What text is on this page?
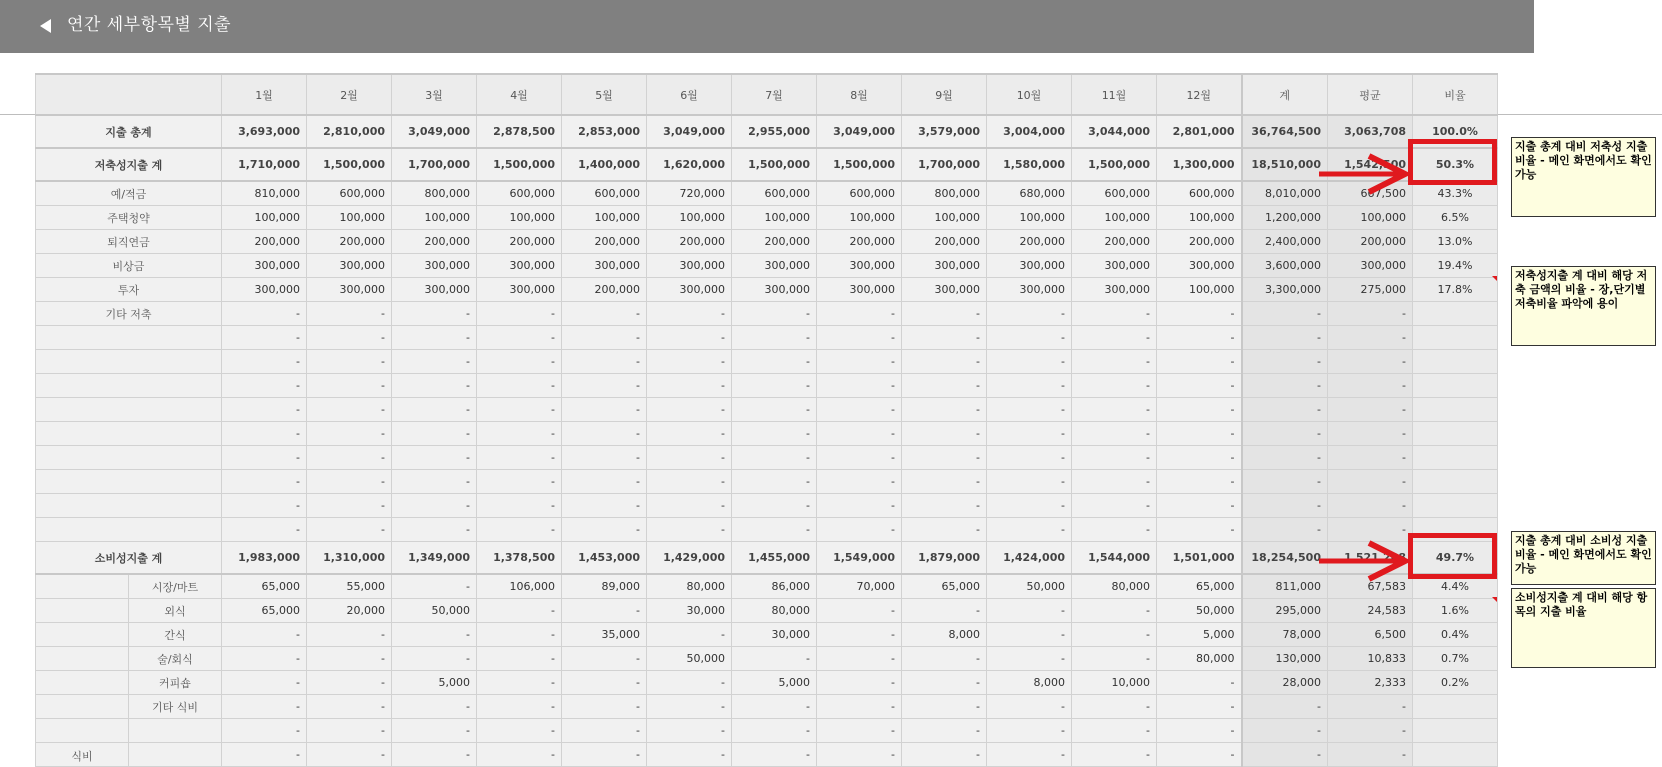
연간 세부항목별 지출
	1월	2월	3월	4월	5월	6월	7월	8월	9월	10월	11월	12월	계	평균	비율
지출 총계	3,693,000	2,810,000	3,049,000	2,878,500	2,853,000	3,049,000	2,955,000	3,049,000	3,579,000	3,004,000	3,044,000	2,801,000	36,764,500	3,063,708	100.0%
저축성지출 계	1,710,000	1,500,000	1,700,000	1,500,000	1,400,000	1,620,000	1,500,000	1,500,000	1,700,000	1,580,000	1,500,000	1,300,000	18,510,000	1,542,500	50.3%
예/적금	810,000	600,000	800,000	600,000	600,000	720,000	600,000	600,000	800,000	680,000	600,000	600,000	8,010,000	667,500	43.3%
주택청약	100,000	100,000	100,000	100,000	100,000	100,000	100,000	100,000	100,000	100,000	100,000	100,000	1,200,000	100,000	6.5%
퇴직연금	200,000	200,000	200,000	200,000	200,000	200,000	200,000	200,000	200,000	200,000	200,000	200,000	2,400,000	200,000	13.0%
비상금	300,000	300,000	300,000	300,000	300,000	300,000	300,000	300,000	300,000	300,000	300,000	300,000	3,600,000	300,000	19.4%
투자	300,000	300,000	300,000	300,000	200,000	300,000	300,000	300,000	300,000	300,000	300,000	100,000	3,300,000	275,000	17.8%
기타 저축	-	-	-	-	-	-	-	-	-	-	-	-	-	-	
	-	-	-	-	-	-	-	-	-	-	-	-	-	-	
	-	-	-	-	-	-	-	-	-	-	-	-	-	-	
	-	-	-	-	-	-	-	-	-	-	-	-	-	-	
	-	-	-	-	-	-	-	-	-	-	-	-	-	-	
	-	-	-	-	-	-	-	-	-	-	-	-	-	-	
	-	-	-	-	-	-	-	-	-	-	-	-	-	-	
	-	-	-	-	-	-	-	-	-	-	-	-	-	-	
	-	-	-	-	-	-	-	-	-	-	-	-	-	-	
	-	-	-	-	-	-	-	-	-	-	-	-	-	-	
소비성지출 계	1,983,000	1,310,000	1,349,000	1,378,500	1,453,000	1,429,000	1,455,000	1,549,000	1,879,000	1,424,000	1,544,000	1,501,000	18,254,500	1,521,208	49.7%

시장/마트	65,000	55,000	-	106,000	89,000	80,000	86,000	70,000	65,000	50,000	80,000	65,000	811,000	67,583	4.4%

외식	65,000	20,000	50,000	-	-	30,000	80,000	-	-	-	-	50,000	295,000	24,583	1.6%

간식	-	-	-	-	35,000	-	30,000	-	8,000	-	-	5,000	78,000	6,500	0.4%

술/회식	-	-	-	-	-	50,000	-	-	-	-	-	80,000	130,000	10,833	0.7%

커피숍	-	-	5,000	-	-	-	5,000	-	-	8,000	10,000	-	28,000	2,333	0.2%

기타 식비	-	-	-	-	-	-	-	-	-	-	-	-	-	-	

	-	-	-	-	-	-	-	-	-	-	-	-	-	-	

식비	-	-	-	-	-	-	-	-	-	-	-	-	-	-	
지출 총계 대비 저축성 지출 비율 - 메인 화면에서도 확인 가능
저축성지출 계 대비 해당 저축 금액의 비율 - 장,단기별 저축비율 파악에 용이
지출 총계 대비 소비성 지출 비율 - 메인 화면에서도 확인 가능
소비성지출 계 대비 해당 항목의 지출 비율
